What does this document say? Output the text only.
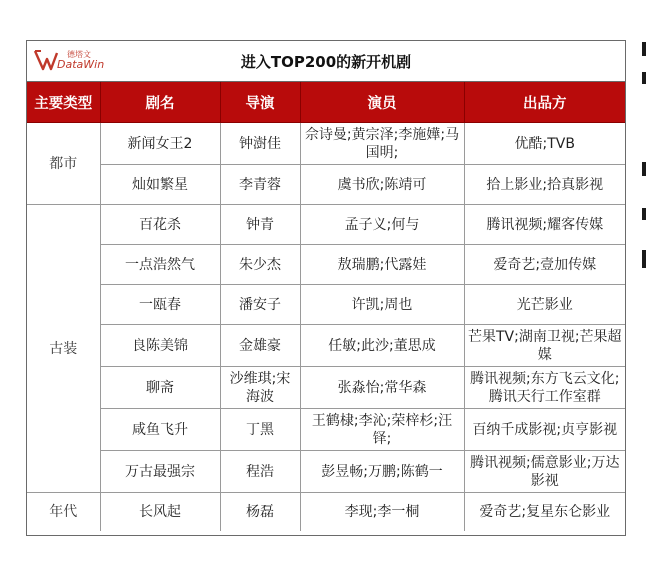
德塔文
DataWin	进入TOP200的新开机剧
主要类型	剧名	导演	演员	出品方
都市	新闻女王2	钟澍佳	佘诗曼;黄宗泽;李施嬅;马国明;	优酷;TVB
	灿如繁星	李青蓉	虞书欣;陈靖可	拾上影业;拾真影视
古装	百花杀	钟青	孟子义;何与	腾讯视频;耀客传媒
	一点浩然气	朱少杰	敖瑞鹏;代露娃	爱奇艺;壹加传媒
	一瓯春	潘安子	许凯;周也	光芒影业
	良陈美锦	金雄豪	任敏;此沙;董思成	芒果TV;湖南卫视;芒果超媒
	聊斋	沙维琪;宋海波	张淼怡;常华森	腾讯视频;东方飞云文化;腾讯天行工作室群
	咸鱼飞升	丁黑	王鹤棣;李沁;荣梓杉;汪铎;	百纳千成影视;贞亨影视
	万古最强宗	程浩	彭昱畅;万鹏;陈鹤一	腾讯视频;儒意影业;万达影视
年代	长风起	杨磊	李现;李一桐	爱奇艺;复星东仑影业
